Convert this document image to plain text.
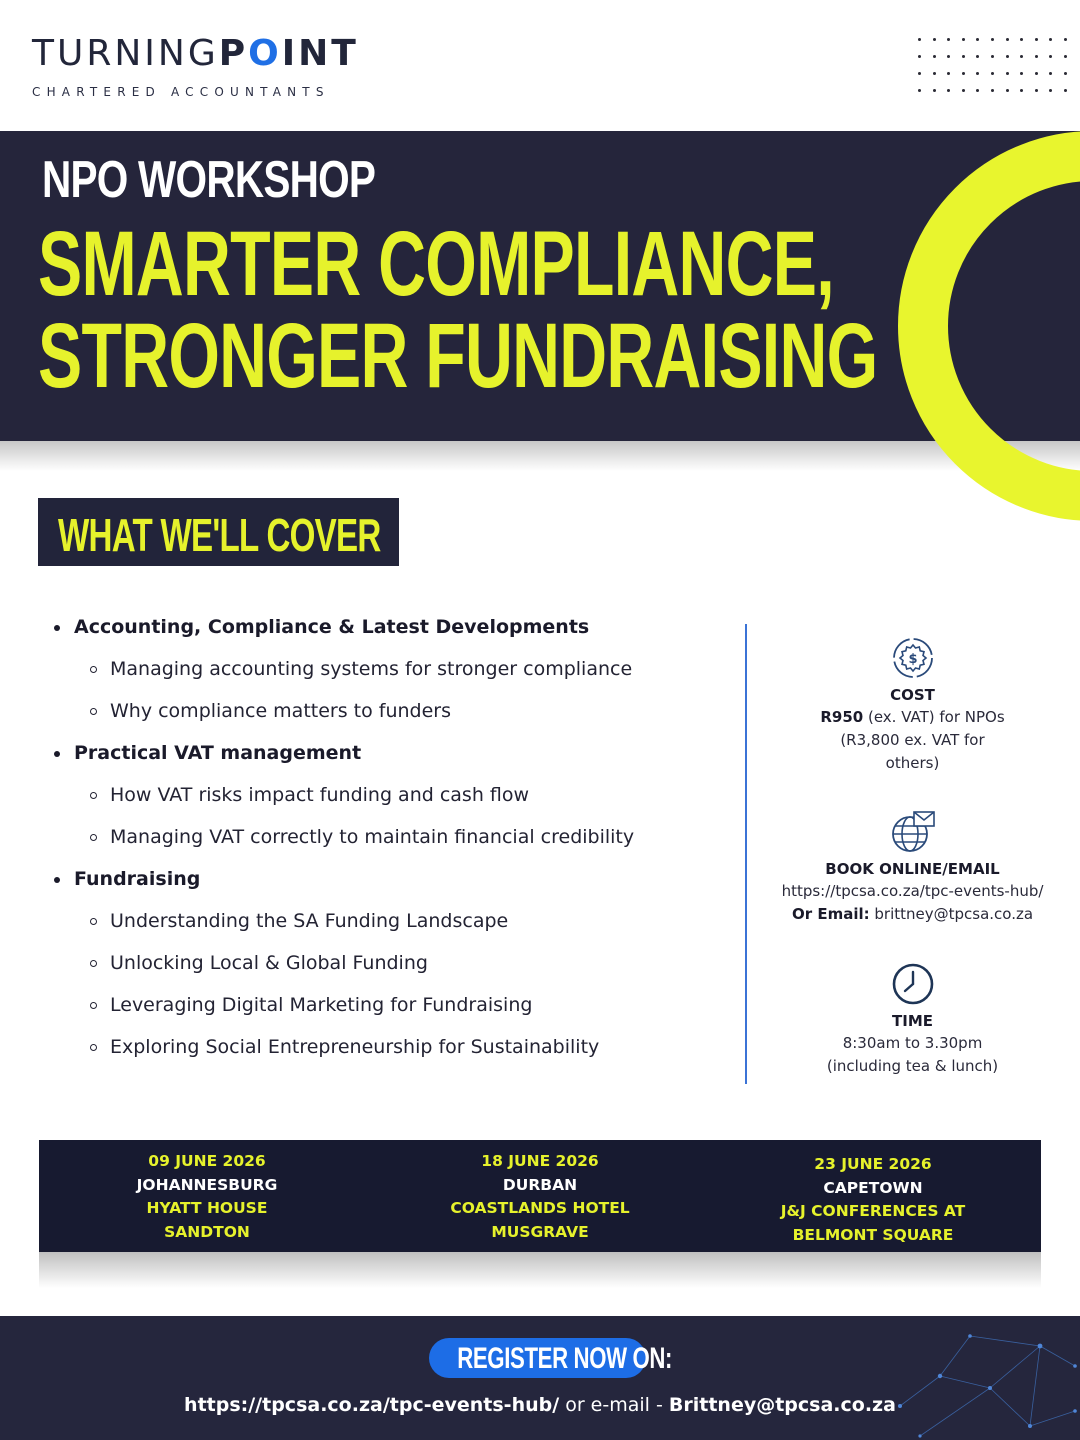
TURNINGPOINT
CHARTERED ACCOUNTANTS
NPO WORKSHOP
SMARTER COMPLIANCE,
STRONGER FUNDRAISING
WHAT WE'LL COVER
Accounting, Compliance & Latest Developments
Managing accounting systems for stronger compliance
Why compliance matters to funders
Practical VAT management
How VAT risks impact funding and cash flow
Managing VAT correctly to maintain financial credibility
Fundraising
Understanding the SA Funding Landscape
Unlocking Local & Global Funding
Leveraging Digital Marketing for Fundraising
Exploring Social Entrepreneurship for Sustainability
$
COST
R950 (ex. VAT) for NPOs
(R3,800 ex. VAT for
others)
BOOK ONLINE/EMAIL
https://tpcsa.co.za/tpc-events-hub/
Or Email: brittney@tpcsa.co.za
TIME
8:30am to 3.30pm
(including tea & lunch)
09 JUNE 2026
JOHANNESBURG
HYATT HOUSE
SANDTON
18 JUNE 2026
DURBAN
COASTLANDS HOTEL
MUSGRAVE
23 JUNE 2026
CAPETOWN
J&J CONFERENCES AT
BELMONT SQUARE
REGISTER NOW ON:
https://tpcsa.co.za/tpc-events-hub/ or e-mail - Brittney@tpcsa.co.za
